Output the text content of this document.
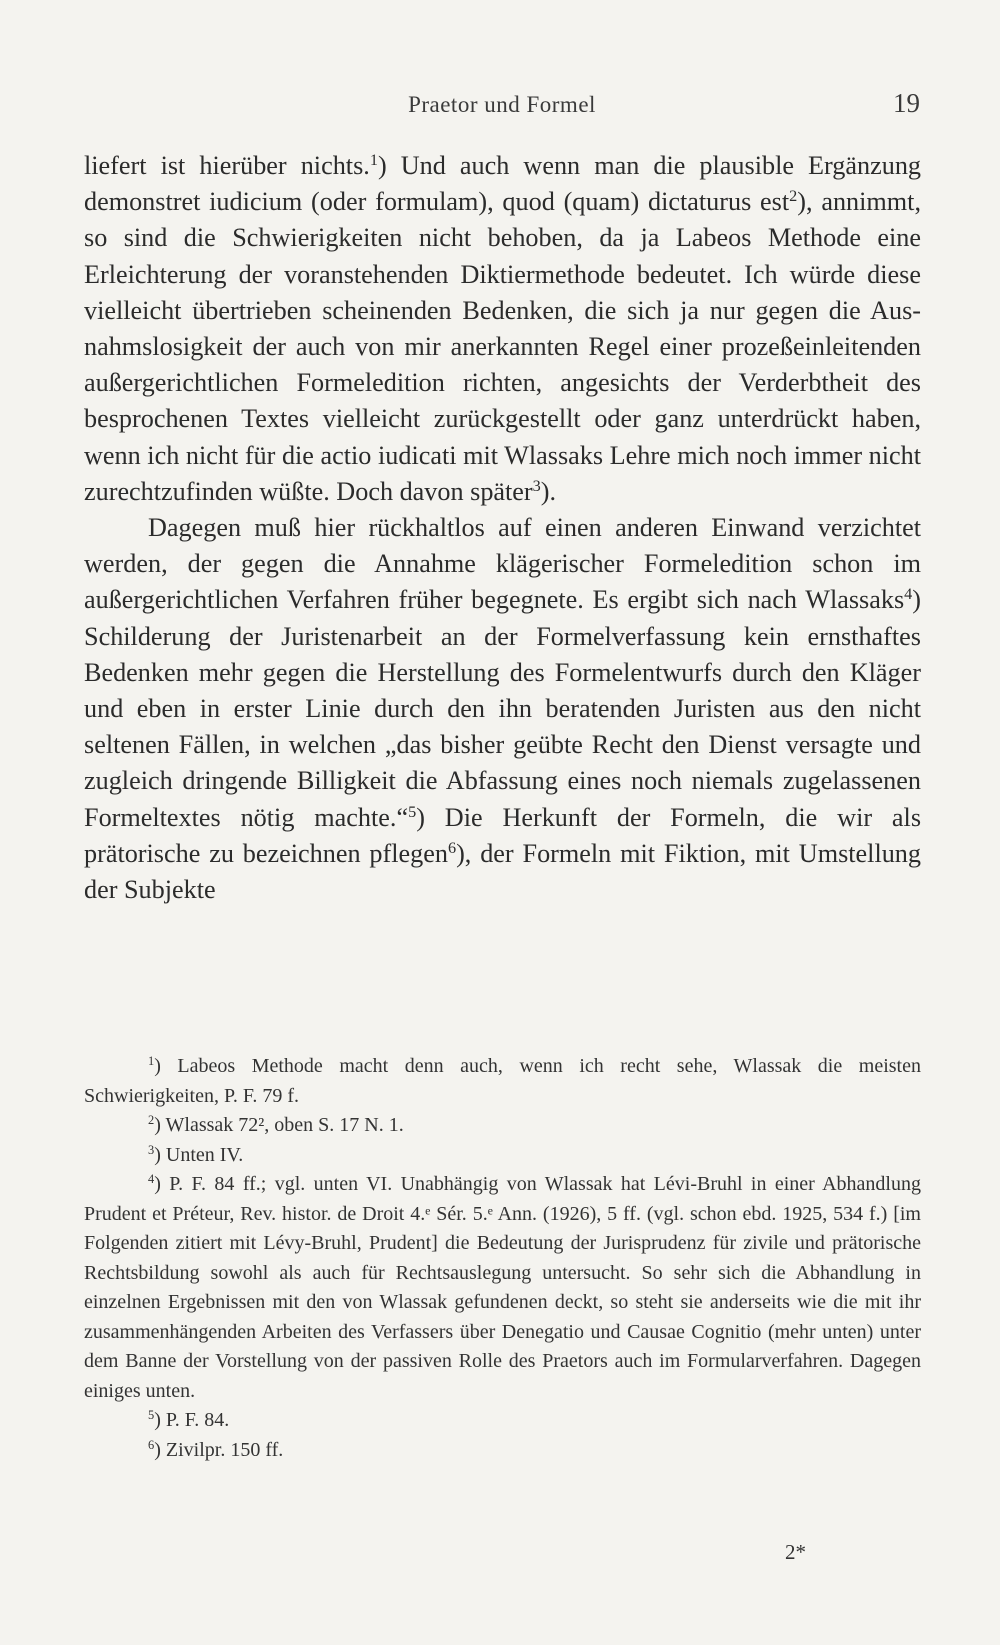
Praetor und Formel	19

liefert ist hierüber nichts.$^1$) Und auch wenn man die plausible Ergänzung demonstret iudicium (oder formulam), quod (quam) dictaturus est$^2$), annimmt, so sind die Schwierigkeiten nicht behoben, da ja Labeos Methode eine Erleichterung der voranstehenden Diktiermethode bedeutet. Ich würde diese vielleicht übertrieben scheinenden Bedenken, die sich ja nur gegen die Ausnahmslosigkeit der auch von mir anerkannten Regel einer prozeßeinleitenden außergerichtlichen Formeledition richten, angesichts der Verderbtheit des besprochenen Textes vielleicht zurückgestellt oder ganz unterdrückt haben, wenn ich nicht für die actio iudicati mit Wlassaks Lehre mich noch immer nicht zurechtzufinden wüßte. Doch davon später$^3$).

Dagegen muß hier rückhaltlos auf einen anderen Einwand verzichtet werden, der gegen die Annahme klägerischer Formeledition schon im außergerichtlichen Verfahren früher begegnete. Es ergibt sich nach Wlassaks$^4$) Schilderung der Juristenarbeit an der Formelverfassung kein ernsthaftes Bedenken mehr gegen die Herstellung des Formelentwurfs durch den Kläger und eben in erster Linie durch den ihn beratenden Juristen aus den nicht seltenen Fällen, in welchen „das bisher geübte Recht den Dienst versagte und zugleich dringende Billigkeit die Abfassung eines noch niemals zugelassenen Formeltextes nötig machte.“$^5$) Die Herkunft der Formeln, die wir als prätorische zu bezeichnen pflegen$^6$), der Formeln mit Fiktion, mit Umstellung der Subjekte

$^1$) Labeos Methode macht denn auch, wenn ich recht sehe, Wlassak die meisten Schwierigkeiten, P. F. 79 f.

$^2$) Wlassak 72², oben S. 17 N. 1.

$^3$) Unten IV.

$^4$) P. F. 84 ff.; vgl. unten VI. Unabhängig von Wlassak hat Lévi-Bruhl in einer Abhandlung Prudent et Préteur, Rev. histor. de Droit 4.ᵉ Sér. 5.ᵉ Ann. (1926), 5 ff. (vgl. schon ebd. 1925, 534 f.) [im Folgenden zitiert mit Lévy-Bruhl, Prudent] die Bedeutung der Jurisprudenz für zivile und prätorische Rechtsbildung sowohl als auch für Rechtsauslegung untersucht. So sehr sich die Abhandlung in einzelnen Ergebnissen mit den von Wlassak gefundenen deckt, so steht sie anderseits wie die mit ihr zusammenhängenden Arbeiten des Verfassers über Denegatio und Causae Cognitio (mehr unten) unter dem Banne der Vorstellung von der passiven Rolle des Praetors auch im Formularverfahren. Dagegen einiges unten.

$^5$) P. F. 84.

$^6$) Zivilpr. 150 ff.

2*
